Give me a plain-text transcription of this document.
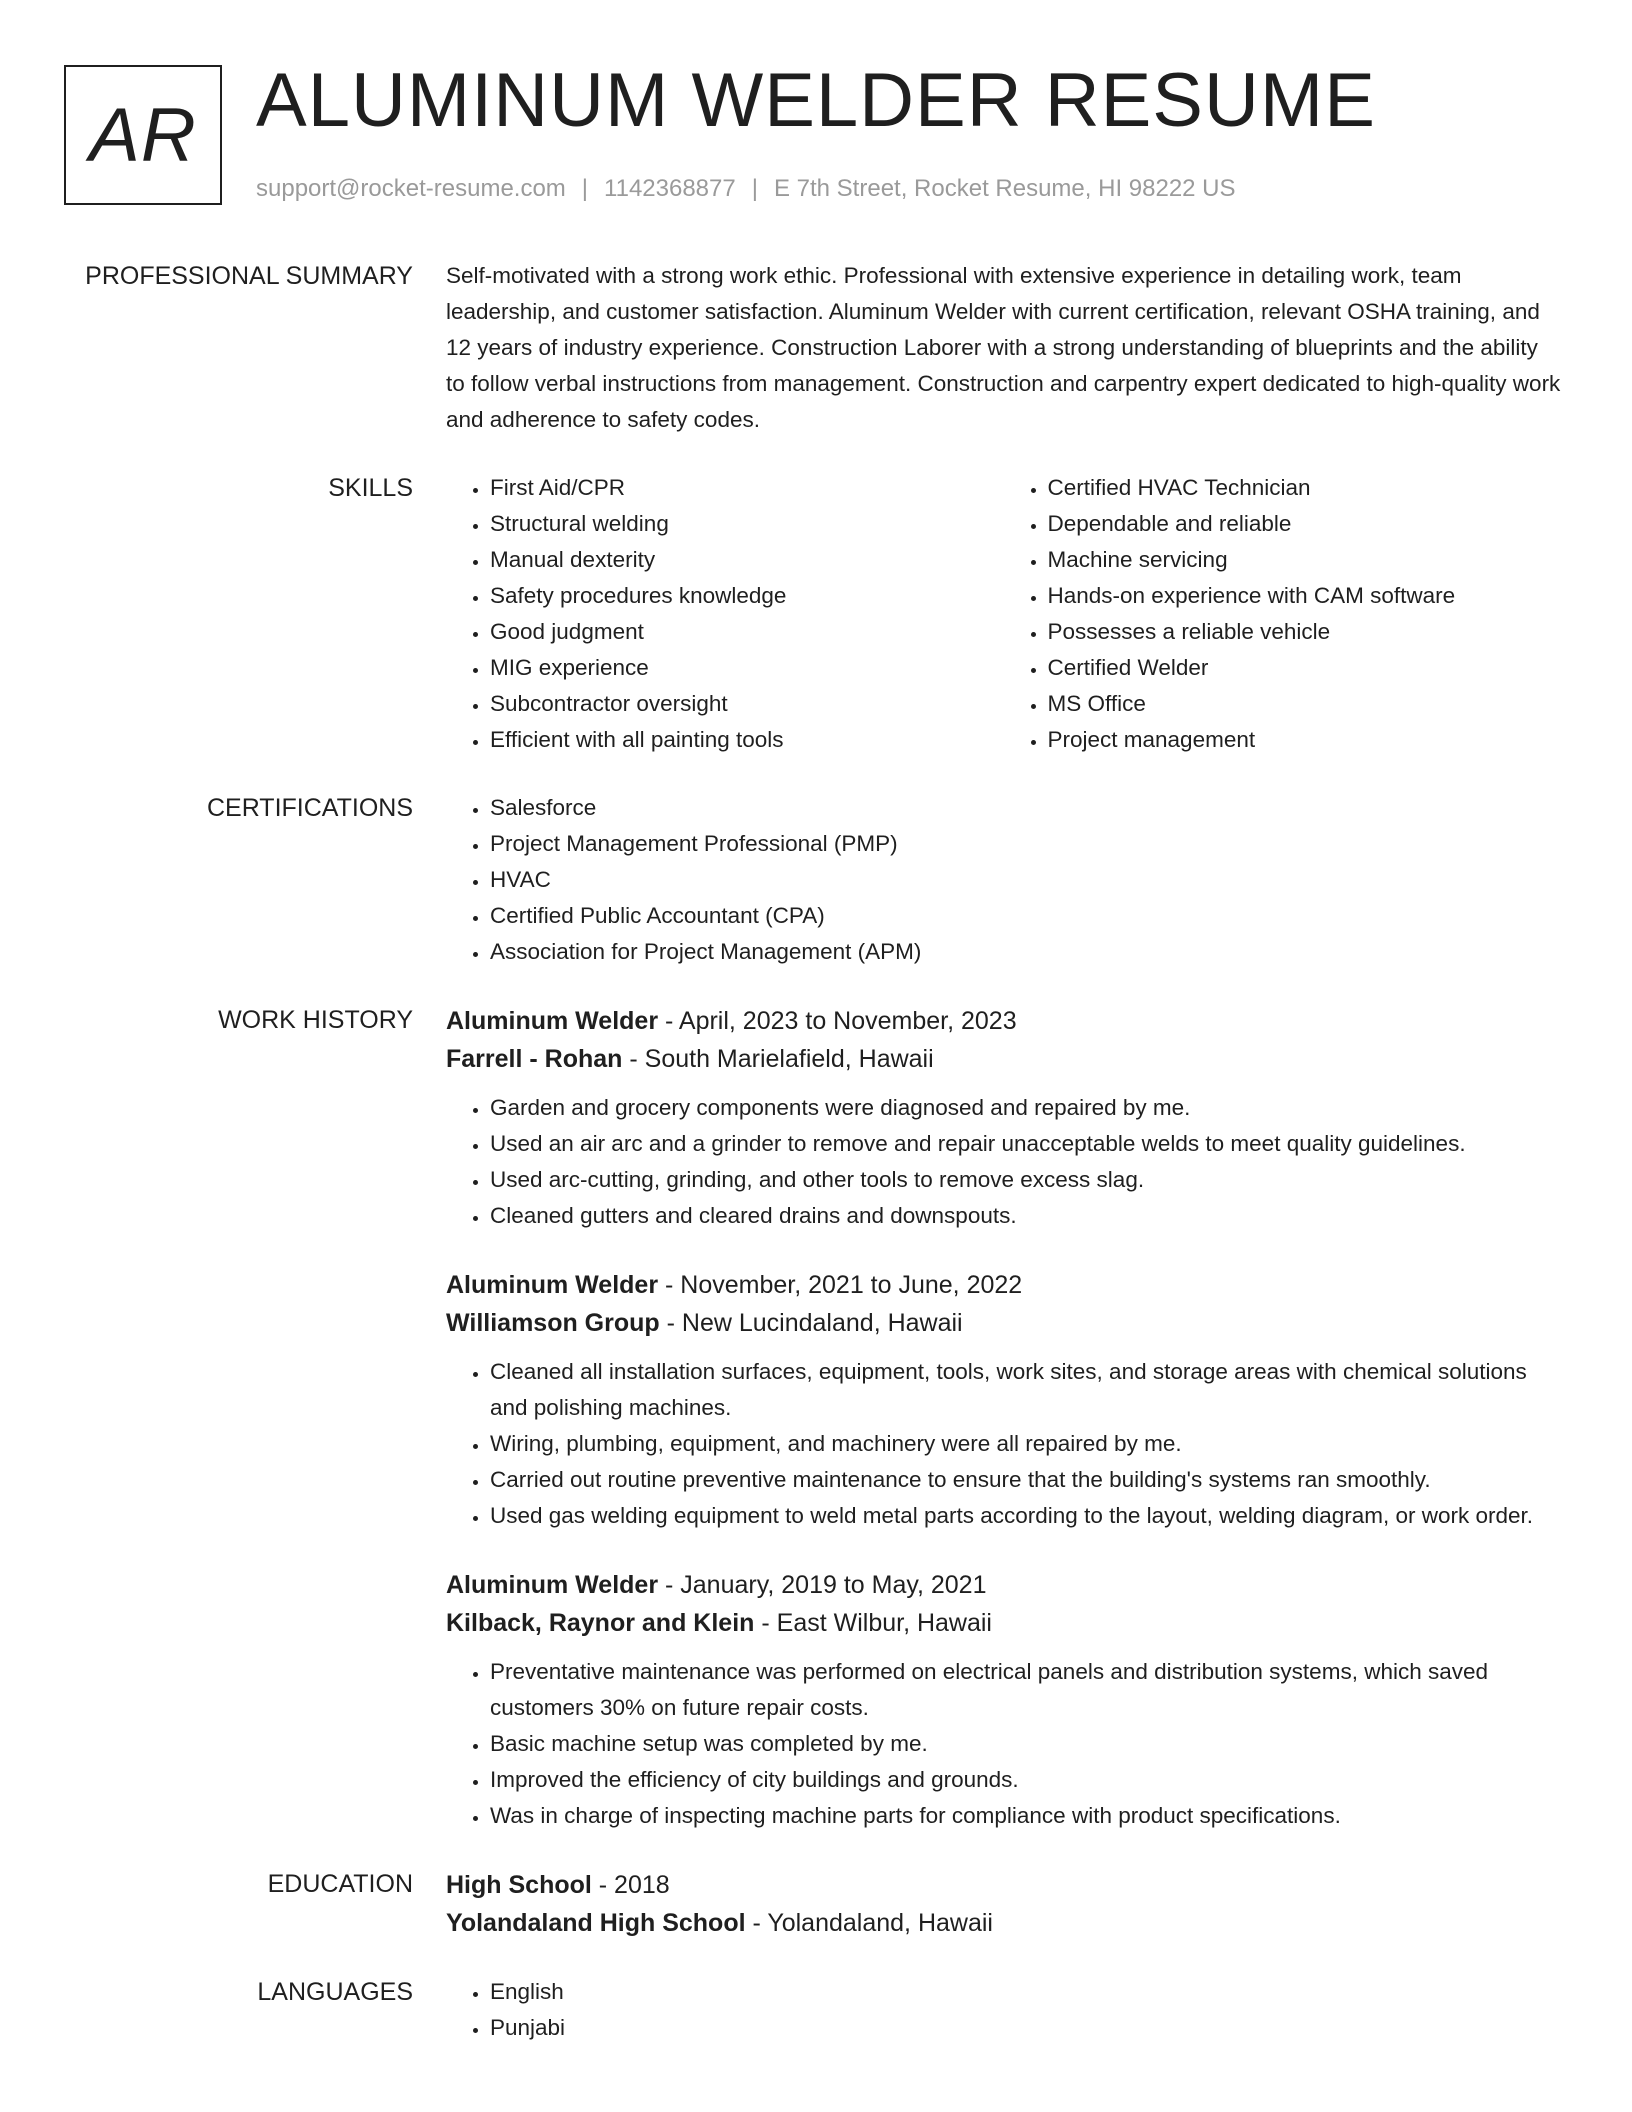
AR ALUMINUM WELDER RESUME
support@rocket-resume.com | 1142368877 | E 7th Street, Rocket Resume, HI 98222 US
PROFESSIONAL SUMMARY Self-motivated with a strong work ethic. Professional with extensive experience in detailing work, team leadership, and customer satisfaction. Aluminum Welder with current certification, relevant OSHA training, and 12 years of industry experience. Construction Laborer with a strong understanding of blueprints and the ability to follow verbal instructions from management. Construction and carpentry expert dedicated to high-quality work and adherence to safety codes.

SKILLS	• First Aid/CPR
• Structural welding
• Manual dexterity
• Safety procedures knowledge
• Good judgment
• MIG experience
• Subcontractor oversight
• Efficient with all painting tools
• Certified HVAC Technician
• Dependable and reliable
• Machine servicing
• Hands-on experience with CAM software
• Possesses a reliable vehicle
• Certified Welder
• MS Office
• Project management
CERTIFICATIONS	• Salesforce
• Project Management Professional (PMP)
• HVAC
• Certified Public Accountant (CPA)
• Association for Project Management (APM)
WORK HISTORY Aluminum Welder - April, 2023 to November, 2023
Farrell - Rohan - South Marielafield, Hawaii
• Garden and grocery components were diagnosed and repaired by me.
• Used an air arc and a grinder to remove and repair unacceptable welds to meet quality guidelines.
• Used arc-cutting, grinding, and other tools to remove excess slag.
• Cleaned gutters and cleared drains and downspouts.
Aluminum Welder - November, 2021 to June, 2022
Williamson Group - New Lucindaland, Hawaii
• Cleaned all installation surfaces, equipment, tools, work sites, and storage areas with chemical solutions and polishing machines.
• Wiring, plumbing, equipment, and machinery were all repaired by me.
• Carried out routine preventive maintenance to ensure that the building's systems ran smoothly.
• Used gas welding equipment to weld metal parts according to the layout, welding diagram, or work order.
Aluminum Welder - January, 2019 to May, 2021
Kilback, Raynor and Klein - East Wilbur, Hawaii
• Preventative maintenance was performed on electrical panels and distribution systems, which saved customers 30% on future repair costs.
• Basic machine setup was completed by me.
• Improved the efficiency of city buildings and grounds.
• Was in charge of inspecting machine parts for compliance with product specifications.
EDUCATION High School - 2018
Yolandaland High School - Yolandaland, Hawaii
LANGUAGES	• English
• Punjabi
